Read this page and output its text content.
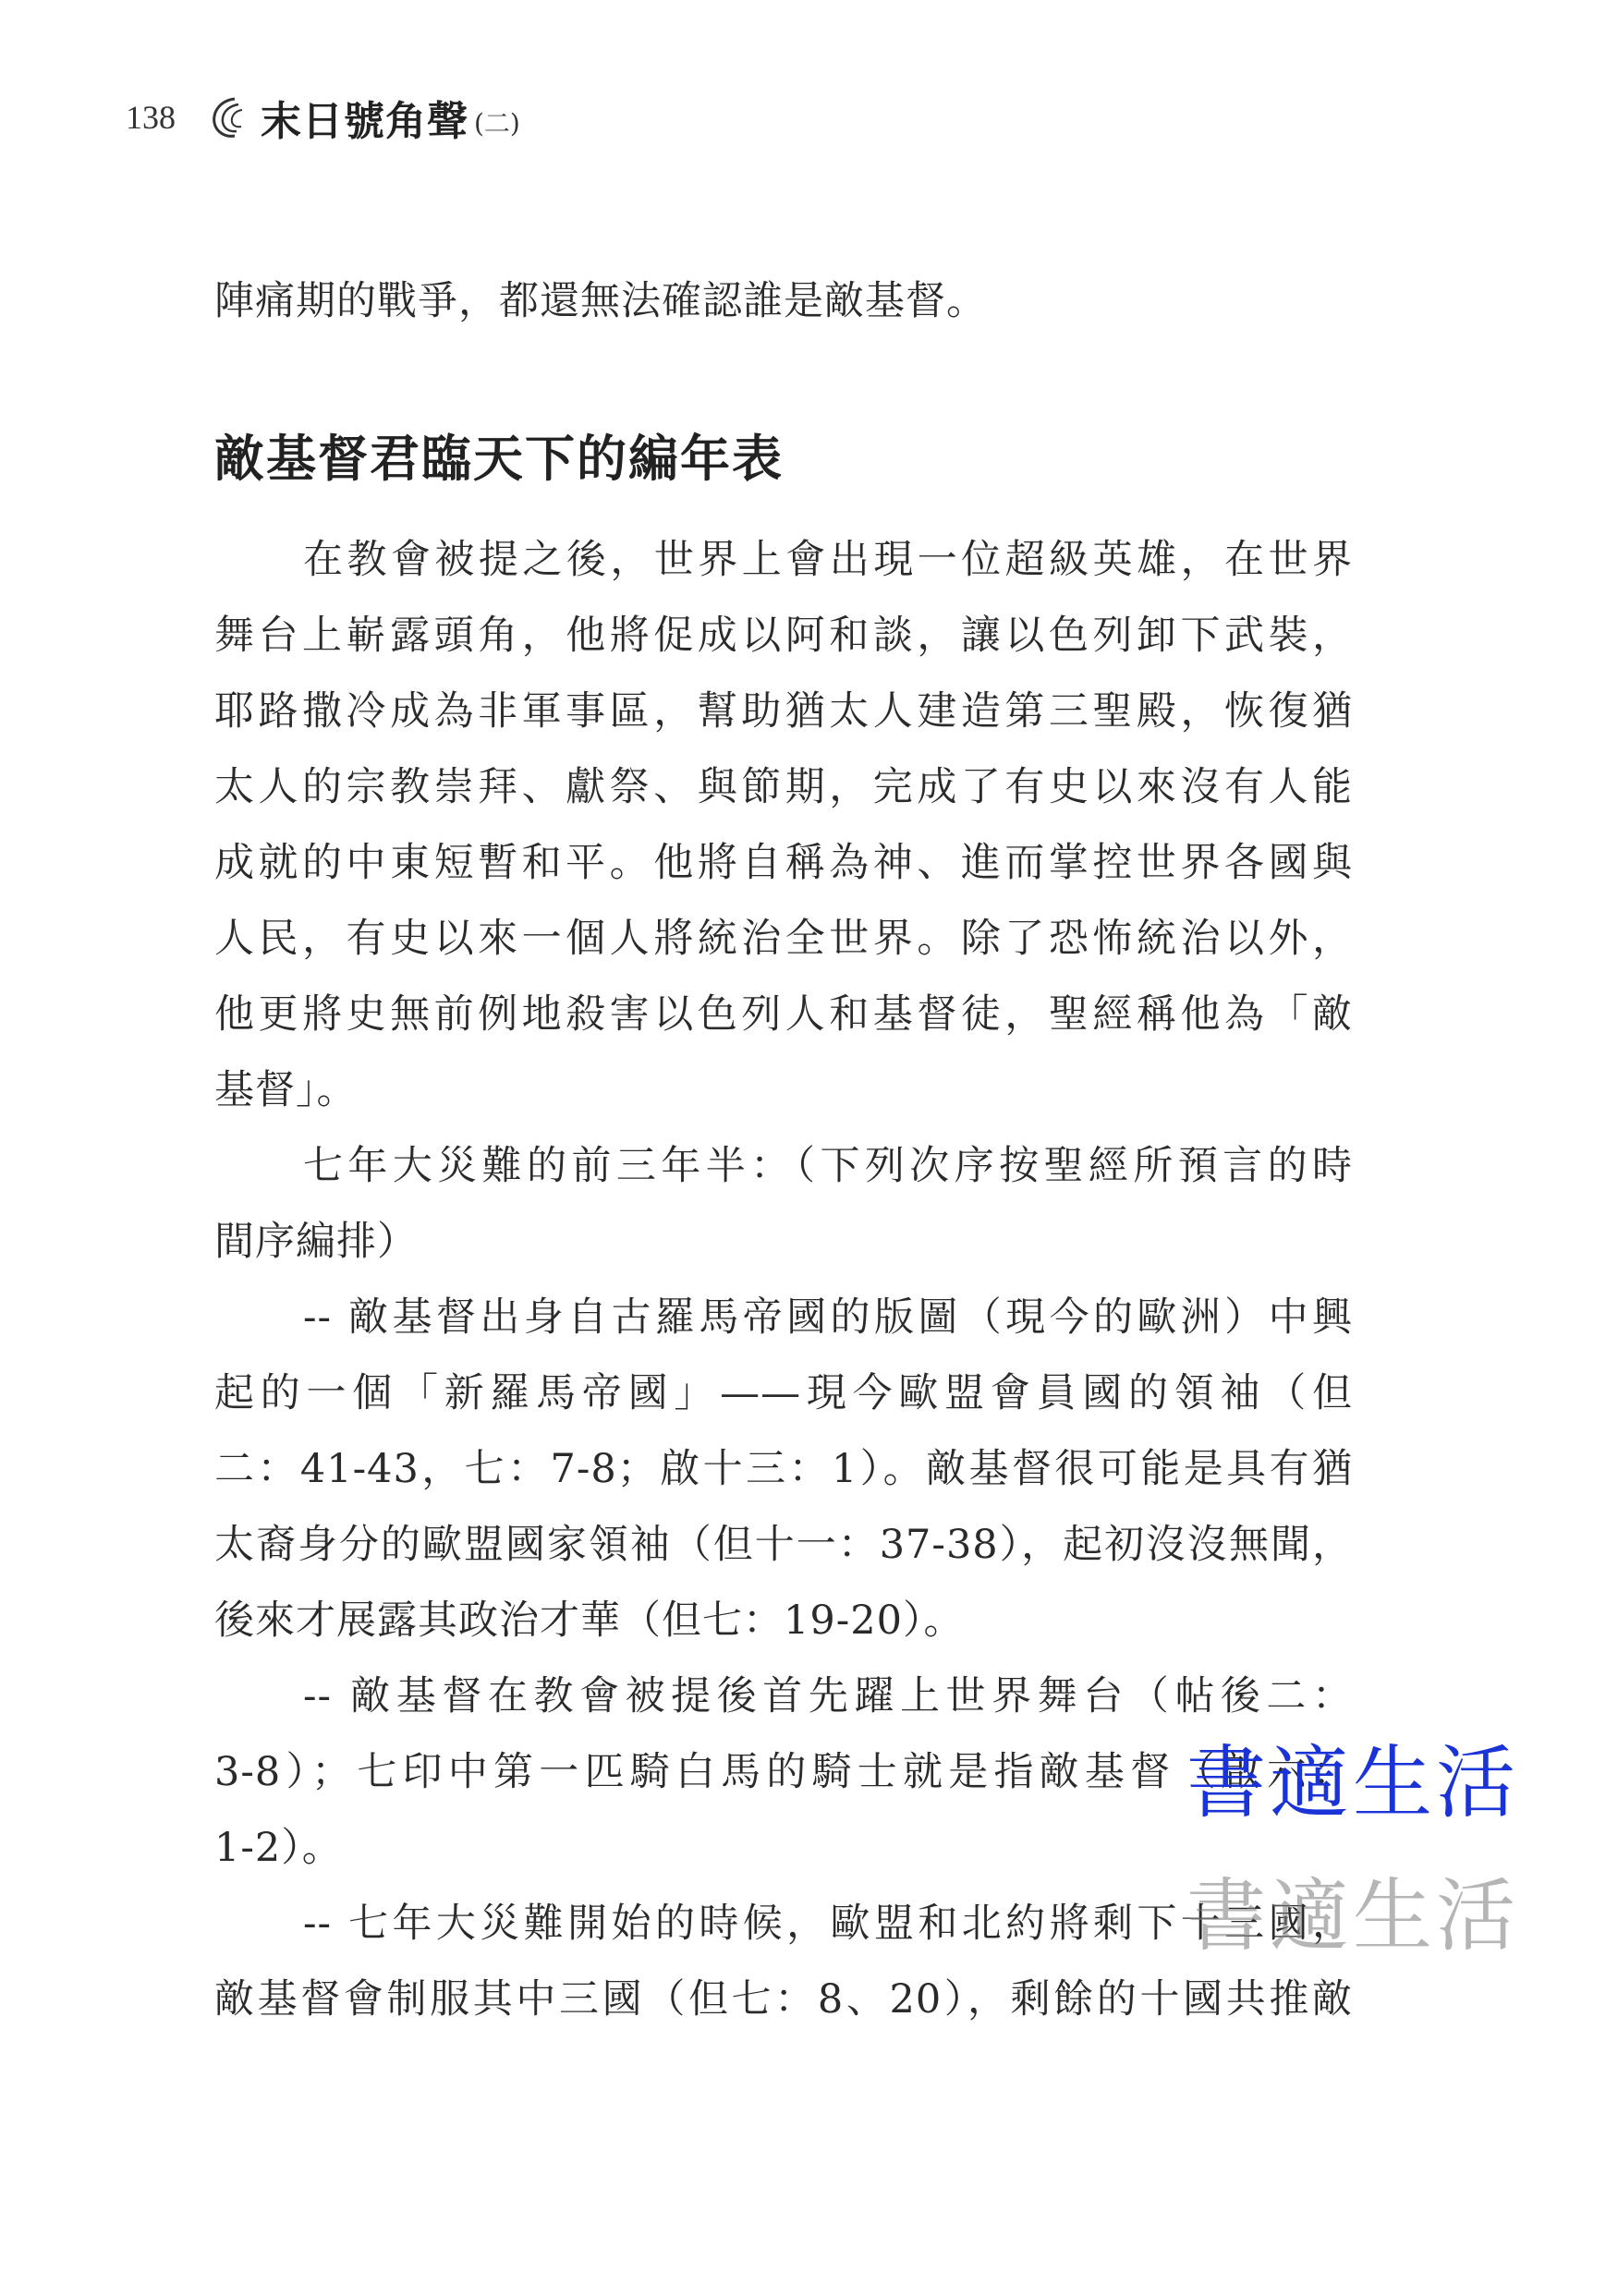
138 末日號角聲 (二)
陣痛期的戰爭，都還無法確認誰是敵基督。
敵基督君臨天下的編年表
在教會被提之後，世界上會出現一位超級英雄，在世界
舞台上嶄露頭角，他將促成以阿和談，讓以色列卸下武裝，
耶路撒冷成為非軍事區，幫助猶太人建造第三聖殿，恢復猶
太人的宗教崇拜、獻祭、與節期，完成了有史以來沒有人能
成就的中東短暫和平。他將自稱為神、進而掌控世界各國與
人民，有史以來一個人將統治全世界。除了恐怖統治以外，
他更將史無前例地殺害以色列人和基督徒，聖經稱他為「敵
基督」。
七年大災難的前三年半：（下列次序按聖經所預言的時
間序編排）
-- 敵基督出身自古羅馬帝國的版圖（現今的歐洲）中興
起的一個「新羅馬帝國」——現今歐盟會員國的領袖（但
二：41-43，七：7-8；啟十三：1）。敵基督很可能是具有猶
太裔身分的歐盟國家領袖（但十一：37-38），起初沒沒無聞，
後來才展露其政治才華（但七：19-20）。
-- 敵基督在教會被提後首先躍上世界舞台（帖後二：
3-8）；七印中第一匹騎白馬的騎士就是指敵基督（啟六：
1-2）。
-- 七年大災難開始的時候，歐盟和北約將剩下十三國，
敵基督會制服其中三國（但七：8、20），剩餘的十國共推敵
書適生活
書適生活
